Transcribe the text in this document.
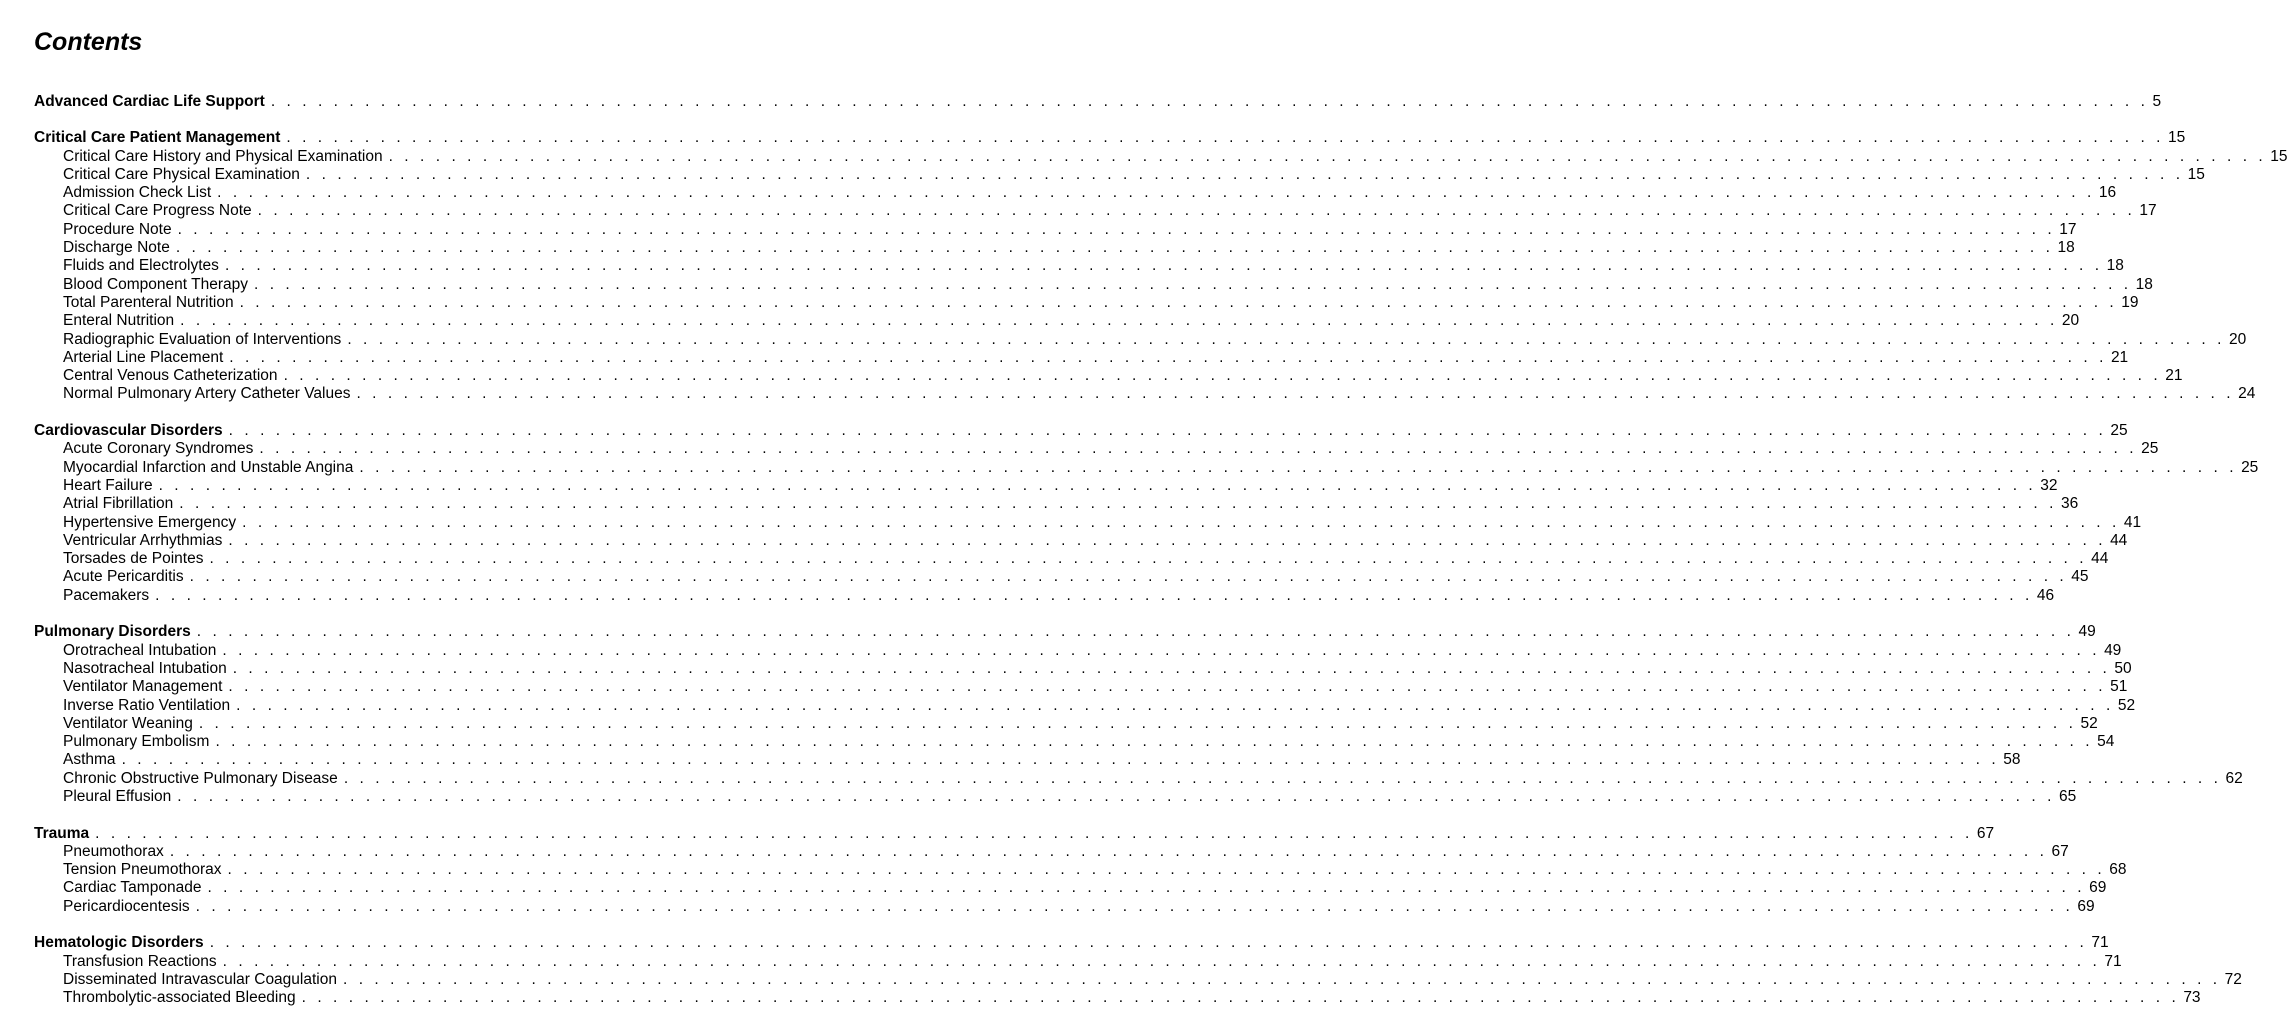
Contents
Advanced Cardiac Life Support . . . . . . . . . . . . . . . . . . . . . . . . . . . . . . . . . . . . . . . . . . . . . . . . . . . . . . . . . . . . . . . . . . . . . . . . . . . . . . . . . . . . . . . . . . . . . . . . . . . . . . . . . . . . . . . . . . . . . . . . 5
Critical Care Patient Management . . . . . . . . . . . . . . . . . . . . . . . . . . . . . . . . . . . . . . . . . . . . . . . . . . . . . . . . . . . . . . . . . . . . . . . . . . . . . . . . . . . . . . . . . . . . . . . . . . . . . . . . . . . . . . . . . . . . . . . . 15
Critical Care History and Physical Examination . . . . . . . . . . . . . . . . . . . . . . . . . . . . . . . . . . . . . . . . . . . . . . . . . . . . . . . . . . . . . . . . . . . . . . . . . . . . . . . . . . . . . . . . . . . . . . . . . . . . . . . . . . . . . . . . . . . . . . . . 15
Critical Care Physical Examination . . . . . . . . . . . . . . . . . . . . . . . . . . . . . . . . . . . . . . . . . . . . . . . . . . . . . . . . . . . . . . . . . . . . . . . . . . . . . . . . . . . . . . . . . . . . . . . . . . . . . . . . . . . . . . . . . . . . . . . . 15
Admission Check List . . . . . . . . . . . . . . . . . . . . . . . . . . . . . . . . . . . . . . . . . . . . . . . . . . . . . . . . . . . . . . . . . . . . . . . . . . . . . . . . . . . . . . . . . . . . . . . . . . . . . . . . . . . . . . . . . . . . . . . . 16
Critical Care Progress Note . . . . . . . . . . . . . . . . . . . . . . . . . . . . . . . . . . . . . . . . . . . . . . . . . . . . . . . . . . . . . . . . . . . . . . . . . . . . . . . . . . . . . . . . . . . . . . . . . . . . . . . . . . . . . . . . . . . . . . . . 17
Procedure Note . . . . . . . . . . . . . . . . . . . . . . . . . . . . . . . . . . . . . . . . . . . . . . . . . . . . . . . . . . . . . . . . . . . . . . . . . . . . . . . . . . . . . . . . . . . . . . . . . . . . . . . . . . . . . . . . . . . . . . . . 17
Discharge Note . . . . . . . . . . . . . . . . . . . . . . . . . . . . . . . . . . . . . . . . . . . . . . . . . . . . . . . . . . . . . . . . . . . . . . . . . . . . . . . . . . . . . . . . . . . . . . . . . . . . . . . . . . . . . . . . . . . . . . . . 18
Fluids and Electrolytes . . . . . . . . . . . . . . . . . . . . . . . . . . . . . . . . . . . . . . . . . . . . . . . . . . . . . . . . . . . . . . . . . . . . . . . . . . . . . . . . . . . . . . . . . . . . . . . . . . . . . . . . . . . . . . . . . . . . . . . . 18
Blood Component Therapy . . . . . . . . . . . . . . . . . . . . . . . . . . . . . . . . . . . . . . . . . . . . . . . . . . . . . . . . . . . . . . . . . . . . . . . . . . . . . . . . . . . . . . . . . . . . . . . . . . . . . . . . . . . . . . . . . . . . . . . . 18
Total Parenteral Nutrition . . . . . . . . . . . . . . . . . . . . . . . . . . . . . . . . . . . . . . . . . . . . . . . . . . . . . . . . . . . . . . . . . . . . . . . . . . . . . . . . . . . . . . . . . . . . . . . . . . . . . . . . . . . . . . . . . . . . . . . . 19
Enteral Nutrition . . . . . . . . . . . . . . . . . . . . . . . . . . . . . . . . . . . . . . . . . . . . . . . . . . . . . . . . . . . . . . . . . . . . . . . . . . . . . . . . . . . . . . . . . . . . . . . . . . . . . . . . . . . . . . . . . . . . . . . . 20
Radiographic Evaluation of Interventions . . . . . . . . . . . . . . . . . . . . . . . . . . . . . . . . . . . . . . . . . . . . . . . . . . . . . . . . . . . . . . . . . . . . . . . . . . . . . . . . . . . . . . . . . . . . . . . . . . . . . . . . . . . . . . . . . . . . . . . . 20
Arterial Line Placement . . . . . . . . . . . . . . . . . . . . . . . . . . . . . . . . . . . . . . . . . . . . . . . . . . . . . . . . . . . . . . . . . . . . . . . . . . . . . . . . . . . . . . . . . . . . . . . . . . . . . . . . . . . . . . . . . . . . . . . . 21
Central Venous Catheterization . . . . . . . . . . . . . . . . . . . . . . . . . . . . . . . . . . . . . . . . . . . . . . . . . . . . . . . . . . . . . . . . . . . . . . . . . . . . . . . . . . . . . . . . . . . . . . . . . . . . . . . . . . . . . . . . . . . . . . . . 21
Normal Pulmonary Artery Catheter Values . . . . . . . . . . . . . . . . . . . . . . . . . . . . . . . . . . . . . . . . . . . . . . . . . . . . . . . . . . . . . . . . . . . . . . . . . . . . . . . . . . . . . . . . . . . . . . . . . . . . . . . . . . . . . . . . . . . . . . . . 24
Cardiovascular Disorders . . . . . . . . . . . . . . . . . . . . . . . . . . . . . . . . . . . . . . . . . . . . . . . . . . . . . . . . . . . . . . . . . . . . . . . . . . . . . . . . . . . . . . . . . . . . . . . . . . . . . . . . . . . . . . . . . . . . . . . . 25
Acute Coronary Syndromes . . . . . . . . . . . . . . . . . . . . . . . . . . . . . . . . . . . . . . . . . . . . . . . . . . . . . . . . . . . . . . . . . . . . . . . . . . . . . . . . . . . . . . . . . . . . . . . . . . . . . . . . . . . . . . . . . . . . . . . . 25
Myocardial Infarction and Unstable Angina . . . . . . . . . . . . . . . . . . . . . . . . . . . . . . . . . . . . . . . . . . . . . . . . . . . . . . . . . . . . . . . . . . . . . . . . . . . . . . . . . . . . . . . . . . . . . . . . . . . . . . . . . . . . . . . . . . . . . . . . 25
Heart Failure . . . . . . . . . . . . . . . . . . . . . . . . . . . . . . . . . . . . . . . . . . . . . . . . . . . . . . . . . . . . . . . . . . . . . . . . . . . . . . . . . . . . . . . . . . . . . . . . . . . . . . . . . . . . . . . . . . . . . . . . 32
Atrial Fibrillation . . . . . . . . . . . . . . . . . . . . . . . . . . . . . . . . . . . . . . . . . . . . . . . . . . . . . . . . . . . . . . . . . . . . . . . . . . . . . . . . . . . . . . . . . . . . . . . . . . . . . . . . . . . . . . . . . . . . . . . . 36
Hypertensive Emergency . . . . . . . . . . . . . . . . . . . . . . . . . . . . . . . . . . . . . . . . . . . . . . . . . . . . . . . . . . . . . . . . . . . . . . . . . . . . . . . . . . . . . . . . . . . . . . . . . . . . . . . . . . . . . . . . . . . . . . . . 41
Ventricular Arrhythmias . . . . . . . . . . . . . . . . . . . . . . . . . . . . . . . . . . . . . . . . . . . . . . . . . . . . . . . . . . . . . . . . . . . . . . . . . . . . . . . . . . . . . . . . . . . . . . . . . . . . . . . . . . . . . . . . . . . . . . . . 44
Torsades de Pointes . . . . . . . . . . . . . . . . . . . . . . . . . . . . . . . . . . . . . . . . . . . . . . . . . . . . . . . . . . . . . . . . . . . . . . . . . . . . . . . . . . . . . . . . . . . . . . . . . . . . . . . . . . . . . . . . . . . . . . . . 44
Acute Pericarditis . . . . . . . . . . . . . . . . . . . . . . . . . . . . . . . . . . . . . . . . . . . . . . . . . . . . . . . . . . . . . . . . . . . . . . . . . . . . . . . . . . . . . . . . . . . . . . . . . . . . . . . . . . . . . . . . . . . . . . . . 45
Pacemakers . . . . . . . . . . . . . . . . . . . . . . . . . . . . . . . . . . . . . . . . . . . . . . . . . . . . . . . . . . . . . . . . . . . . . . . . . . . . . . . . . . . . . . . . . . . . . . . . . . . . . . . . . . . . . . . . . . . . . . . . 46
Pulmonary Disorders . . . . . . . . . . . . . . . . . . . . . . . . . . . . . . . . . . . . . . . . . . . . . . . . . . . . . . . . . . . . . . . . . . . . . . . . . . . . . . . . . . . . . . . . . . . . . . . . . . . . . . . . . . . . . . . . . . . . . . . . 49
Orotracheal Intubation . . . . . . . . . . . . . . . . . . . . . . . . . . . . . . . . . . . . . . . . . . . . . . . . . . . . . . . . . . . . . . . . . . . . . . . . . . . . . . . . . . . . . . . . . . . . . . . . . . . . . . . . . . . . . . . . . . . . . . . . 49
Nasotracheal Intubation . . . . . . . . . . . . . . . . . . . . . . . . . . . . . . . . . . . . . . . . . . . . . . . . . . . . . . . . . . . . . . . . . . . . . . . . . . . . . . . . . . . . . . . . . . . . . . . . . . . . . . . . . . . . . . . . . . . . . . . . 50
Ventilator Management . . . . . . . . . . . . . . . . . . . . . . . . . . . . . . . . . . . . . . . . . . . . . . . . . . . . . . . . . . . . . . . . . . . . . . . . . . . . . . . . . . . . . . . . . . . . . . . . . . . . . . . . . . . . . . . . . . . . . . . . 51
Inverse Ratio Ventilation . . . . . . . . . . . . . . . . . . . . . . . . . . . . . . . . . . . . . . . . . . . . . . . . . . . . . . . . . . . . . . . . . . . . . . . . . . . . . . . . . . . . . . . . . . . . . . . . . . . . . . . . . . . . . . . . . . . . . . . . 52
Ventilator Weaning . . . . . . . . . . . . . . . . . . . . . . . . . . . . . . . . . . . . . . . . . . . . . . . . . . . . . . . . . . . . . . . . . . . . . . . . . . . . . . . . . . . . . . . . . . . . . . . . . . . . . . . . . . . . . . . . . . . . . . . . 52
Pulmonary Embolism . . . . . . . . . . . . . . . . . . . . . . . . . . . . . . . . . . . . . . . . . . . . . . . . . . . . . . . . . . . . . . . . . . . . . . . . . . . . . . . . . . . . . . . . . . . . . . . . . . . . . . . . . . . . . . . . . . . . . . . . 54
Asthma . . . . . . . . . . . . . . . . . . . . . . . . . . . . . . . . . . . . . . . . . . . . . . . . . . . . . . . . . . . . . . . . . . . . . . . . . . . . . . . . . . . . . . . . . . . . . . . . . . . . . . . . . . . . . . . . . . . . . . . . 58
Chronic Obstructive Pulmonary Disease . . . . . . . . . . . . . . . . . . . . . . . . . . . . . . . . . . . . . . . . . . . . . . . . . . . . . . . . . . . . . . . . . . . . . . . . . . . . . . . . . . . . . . . . . . . . . . . . . . . . . . . . . . . . . . . . . . . . . . . . 62
Pleural Effusion . . . . . . . . . . . . . . . . . . . . . . . . . . . . . . . . . . . . . . . . . . . . . . . . . . . . . . . . . . . . . . . . . . . . . . . . . . . . . . . . . . . . . . . . . . . . . . . . . . . . . . . . . . . . . . . . . . . . . . . . 65
Trauma . . . . . . . . . . . . . . . . . . . . . . . . . . . . . . . . . . . . . . . . . . . . . . . . . . . . . . . . . . . . . . . . . . . . . . . . . . . . . . . . . . . . . . . . . . . . . . . . . . . . . . . . . . . . . . . . . . . . . . . . 67
Pneumothorax . . . . . . . . . . . . . . . . . . . . . . . . . . . . . . . . . . . . . . . . . . . . . . . . . . . . . . . . . . . . . . . . . . . . . . . . . . . . . . . . . . . . . . . . . . . . . . . . . . . . . . . . . . . . . . . . . . . . . . . . 67
Tension Pneumothorax . . . . . . . . . . . . . . . . . . . . . . . . . . . . . . . . . . . . . . . . . . . . . . . . . . . . . . . . . . . . . . . . . . . . . . . . . . . . . . . . . . . . . . . . . . . . . . . . . . . . . . . . . . . . . . . . . . . . . . . . 68
Cardiac Tamponade . . . . . . . . . . . . . . . . . . . . . . . . . . . . . . . . . . . . . . . . . . . . . . . . . . . . . . . . . . . . . . . . . . . . . . . . . . . . . . . . . . . . . . . . . . . . . . . . . . . . . . . . . . . . . . . . . . . . . . . . 69
Pericardiocentesis . . . . . . . . . . . . . . . . . . . . . . . . . . . . . . . . . . . . . . . . . . . . . . . . . . . . . . . . . . . . . . . . . . . . . . . . . . . . . . . . . . . . . . . . . . . . . . . . . . . . . . . . . . . . . . . . . . . . . . . . 69
Hematologic Disorders . . . . . . . . . . . . . . . . . . . . . . . . . . . . . . . . . . . . . . . . . . . . . . . . . . . . . . . . . . . . . . . . . . . . . . . . . . . . . . . . . . . . . . . . . . . . . . . . . . . . . . . . . . . . . . . . . . . . . . . . 71
Transfusion Reactions . . . . . . . . . . . . . . . . . . . . . . . . . . . . . . . . . . . . . . . . . . . . . . . . . . . . . . . . . . . . . . . . . . . . . . . . . . . . . . . . . . . . . . . . . . . . . . . . . . . . . . . . . . . . . . . . . . . . . . . . 71
Disseminated Intravascular Coagulation . . . . . . . . . . . . . . . . . . . . . . . . . . . . . . . . . . . . . . . . . . . . . . . . . . . . . . . . . . . . . . . . . . . . . . . . . . . . . . . . . . . . . . . . . . . . . . . . . . . . . . . . . . . . . . . . . . . . . . . . 72
Thrombolytic-associated Bleeding . . . . . . . . . . . . . . . . . . . . . . . . . . . . . . . . . . . . . . . . . . . . . . . . . . . . . . . . . . . . . . . . . . . . . . . . . . . . . . . . . . . . . . . . . . . . . . . . . . . . . . . . . . . . . . . . . . . . . . . . 73
